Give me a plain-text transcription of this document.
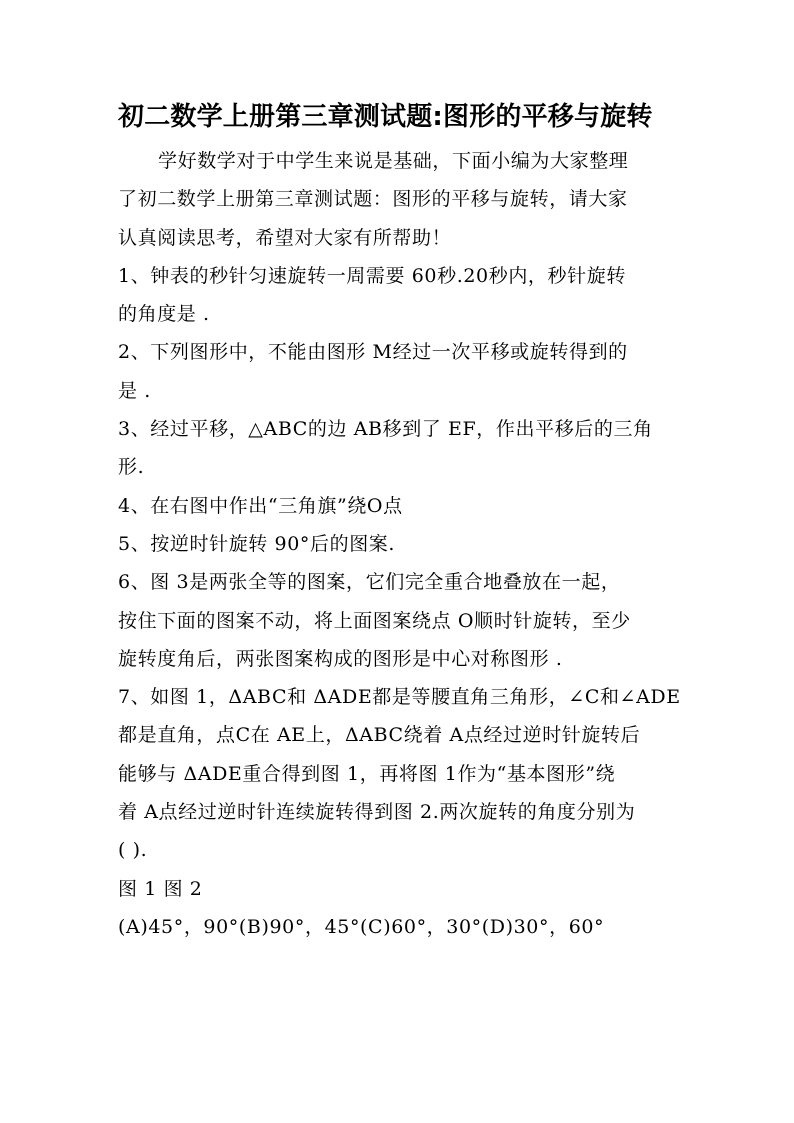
初二数学上册第三章测试题:图形的平移与旋转

学好数学对于中学生来说是基础，下面小编为大家整理

了初二数学上册第三章测试题：图形的平移与旋转，请大家

认真阅读思考，希望对大家有所帮助！

1、钟表的秒针匀速旋转一周需要 60秒.20秒内，秒针旋转

的角度是 .

2、下列图形中，不能由图形 M经过一次平移或旋转得到的

是 .

3、经过平移，△ABC的边 AB移到了 EF，作出平移后的三角

形.

4、在右图中作出“三角旗”绕O点

5、按逆时针旋转 90°后的图案.

6、图 3是两张全等的图案，它们完全重合地叠放在一起，

按住下面的图案不动，将上面图案绕点 O顺时针旋转，至少

旋转度角后，两张图案构成的图形是中心对称图形 .

7、如图 1，ΔABC和 ΔADE都是等腰直角三角形，∠C和∠ADE

都是直角，点C在 AE上，ΔABC绕着 A点经过逆时针旋转后

能够与 ΔADE重合得到图 1，再将图 1作为“基本图形”绕

着 A点经过逆时针连续旋转得到图 2.两次旋转的角度分别为

( ).

图 1 图 2

(A)45°，90°(B)90°，45°(C)60°，30°(D)30°，60°
